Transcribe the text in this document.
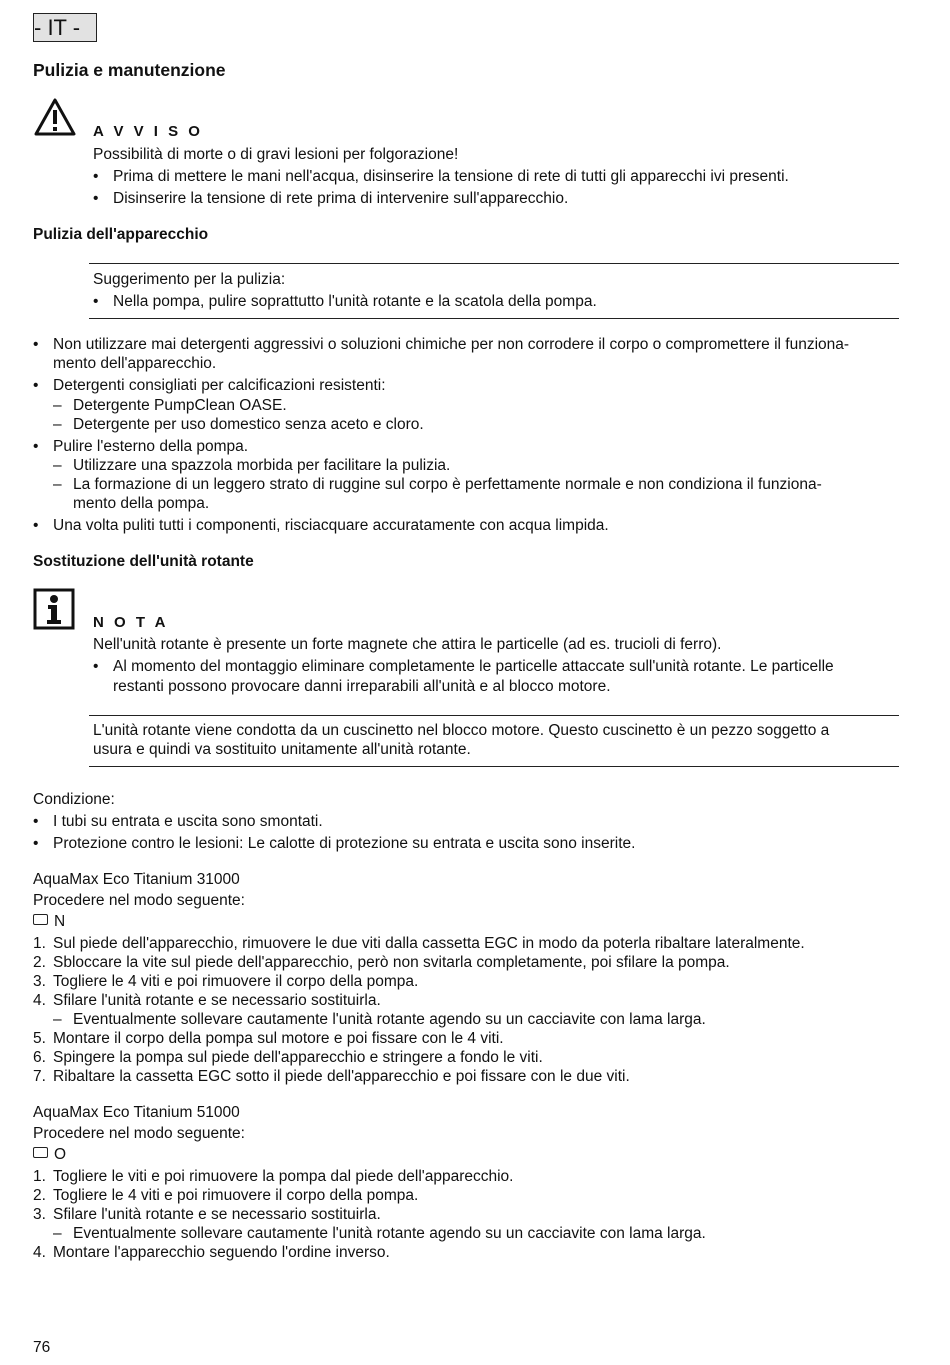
- IT -
Pulizia e manutenzione
A V V I S O
Possibilità di morte o di gravi lesioni per folgorazione!
• Prima di mettere le mani nell'acqua, disinserire la tensione di rete di tutti gli apparecchi ivi presenti.
• Disinserire la tensione di rete prima di intervenire sull'apparecchio.
Pulizia dell'apparecchio
Suggerimento per la pulizia:
• Nella pompa, pulire soprattutto l'unità rotante e la scatola della pompa.
• Non utilizzare mai detergenti aggressivi o soluzioni chimiche per non corrodere il corpo o compromettere il funziona-
mento dell'apparecchio.
• Detergenti consigliati per calcificazioni resistenti:
– Detergente PumpClean OASE.
– Detergente per uso domestico senza aceto e cloro.
• Pulire l'esterno della pompa.
– Utilizzare una spazzola morbida per facilitare la pulizia.
– La formazione di un leggero strato di ruggine sul corpo è perfettamente normale e non condiziona il funziona-
mento della pompa.
• Una volta puliti tutti i componenti, risciacquare accuratamente con acqua limpida.
Sostituzione dell'unità rotante
N O T A
Nell'unità rotante è presente un forte magnete che attira le particelle (ad es. trucioli di ferro).
• Al momento del montaggio eliminare completamente le particelle attaccate sull'unità rotante. Le particelle
restanti possono provocare danni irreparabili all'unità e al blocco motore.
L'unità rotante viene condotta da un cuscinetto nel blocco motore. Questo cuscinetto è un pezzo soggetto a
usura e quindi va sostituito unitamente all'unità rotante.
Condizione:
• I tubi su entrata e uscita sono smontati.
• Protezione contro le lesioni: Le calotte di protezione su entrata e uscita sono inserite.
AquaMax Eco Titanium 31000
Procedere nel modo seguente:
N
1. Sul piede dell'apparecchio, rimuovere le due viti dalla cassetta EGC in modo da poterla ribaltare lateralmente.
2. Sbloccare la vite sul piede dell'apparecchio, però non svitarla completamente, poi sfilare la pompa.
3. Togliere le 4 viti e poi rimuovere il corpo della pompa.
4. Sfilare l'unità rotante e se necessario sostituirla.
– Eventualmente sollevare cautamente l'unità rotante agendo su un cacciavite con lama larga.
5. Montare il corpo della pompa sul motore e poi fissare con le 4 viti.
6. Spingere la pompa sul piede dell'apparecchio e stringere a fondo le viti.
7. Ribaltare la cassetta EGC sotto il piede dell'apparecchio e poi fissare con le due viti.
AquaMax Eco Titanium 51000
Procedere nel modo seguente:
O
1. Togliere le viti e poi rimuovere la pompa dal piede dell'apparecchio.
2. Togliere le 4 viti e poi rimuovere il corpo della pompa.
3. Sfilare l'unità rotante e se necessario sostituirla.
– Eventualmente sollevare cautamente l'unità rotante agendo su un cacciavite con lama larga.
4. Montare l'apparecchio seguendo l'ordine inverso.
76
